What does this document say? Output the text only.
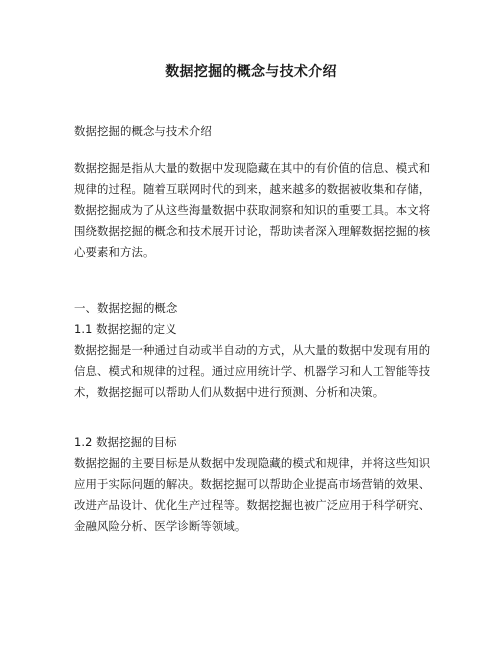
数据挖掘的概念与技术介绍

数据挖掘的概念与技术介绍

数据挖掘是指从大量的数据中发现隐藏在其中的有价值的信息、模式和规律的过程。随着互联网时代的到来，越来越多的数据被收集和存储，数据挖掘成为了从这些海量数据中获取洞察和知识的重要工具。本文将围绕数据挖掘的概念和技术展开讨论，帮助读者深入理解数据挖掘的核心要素和方法。

一、数据挖掘的概念

1.1 数据挖掘的定义

数据挖掘是一种通过自动或半自动的方式，从大量的数据中发现有用的信息、模式和规律的过程。通过应用统计学、机器学习和人工智能等技术，数据挖掘可以帮助人们从数据中进行预测、分析和决策。

1.2 数据挖掘的目标

数据挖掘的主要目标是从数据中发现隐藏的模式和规律，并将这些知识应用于实际问题的解决。数据挖掘可以帮助企业提高市场营销的效果、改进产品设计、优化生产过程等。数据挖掘也被广泛应用于科学研究、金融风险分析、医学诊断等领域。
